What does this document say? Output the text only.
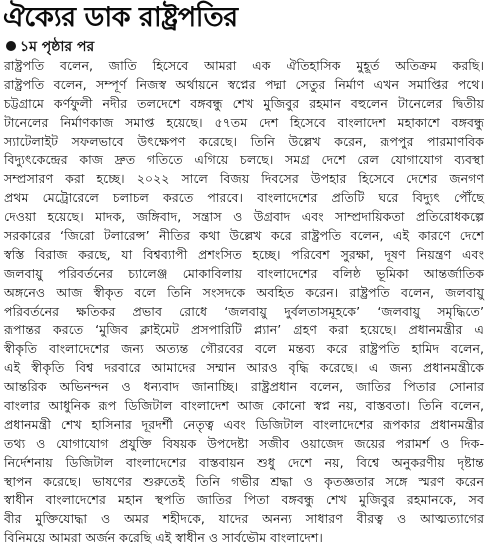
ঐক্যের ডাক রাষ্ট্রপতির
১ম পৃষ্ঠার পর
রাষ্ট্রপতি বলেন, জাতি হিসেবে আমরা এক ঐতিহাসিক মুহূর্ত অতিক্রম করছি।
রাষ্ট্রপতি বলেন, সম্পূর্ণ নিজস্ব অর্থায়নে স্বপ্নের পদ্মা সেতুর নির্মাণ এখন সমাপ্তির পথে।
চট্টগ্রামে কর্ণফুলী নদীর তলদেশে বঙ্গবন্ধু শেখ মুজিবুর রহমান বহুলেন টানেলের দ্বিতীয়
টানেলের নির্মাণকাজ সমাপ্ত হয়েছে। ৫৭তম দেশ হিসেবে বাংলাদেশ মহাকাশে বঙ্গবন্ধু
স্যাটেলাইট সফলভাবে উৎক্ষেপণ করেছে। তিনি উল্লেখ করেন, রূপপুর পারমাণবিক
বিদ্যুৎকেন্দ্রের কাজ দ্রুত গতিতে এগিয়ে চলছে। সমগ্র দেশে রেল যোগাযোগ ব্যবস্থা
সম্প্রসারণ করা হচ্ছে। ২০২২ সালে বিজয় দিবসের উপহার হিসেবে দেশের জনগণ
প্রথম মেট্রোরেলে চলাচল করতে পারবে। বাংলাদেশের প্রতিটি ঘরে বিদ্যুৎ পৌঁছে
দেওয়া হয়েছে। মাদক, জঙ্গিবাদ, সন্ত্রাস ও উগ্রবাদ এবং সাম্প্রদায়িকতা প্রতিরোধকল্পে
সরকারের ‘জিরো টলারেন্স’ নীতির কথা উল্লেখ করে রাষ্ট্রপতি বলেন, এই কারণে দেশে
স্বস্তি বিরাজ করছে, যা বিশ্বব্যাপী প্রশংসিত হচ্ছে। পরিবেশ সুরক্ষা, দূষণ নিয়ন্ত্রণ এবং
জলবায়ু পরিবর্তনের চ্যালেঞ্জ মোকাবিলায় বাংলাদেশের বলিষ্ঠ ভূমিকা আন্তর্জাতিক
অঙ্গনেও আজ স্বীকৃত বলে তিনি সংসদকে অবহিত করেন। রাষ্ট্রপতি বলেন, জলবায়ু
পরিবর্তনের ক্ষতিকর প্রভাব রোধে ‘জলবায়ু দুর্বলতাসমূহকে’ ‘জলবায়ু সমৃদ্ধিতে’
রূপান্তর করতে ‘মুজিব ক্লাইমেট প্রসপারিটি প্ল্যান’ গ্রহণ করা হয়েছে। প্রধানমন্ত্রীর এ
স্বীকৃতি বাংলাদেশের জন্য অত্যন্ত গৌরবের বলে মন্তব্য করে রাষ্ট্রপতি হামিদ বলেন,
এই স্বীকৃতি বিশ্ব দরবারে আমাদের সম্মান আরও বৃদ্ধি করেছে। এ জন্য প্রধানমন্ত্রীকে
আন্তরিক অভিনন্দন ও ধন্যবাদ জানাচ্ছি। রাষ্ট্রপ্রধান বলেন, জাতির পিতার সোনার
বাংলার আধুনিক রূপ ডিজিটাল বাংলাদেশ আজ কোনো স্বপ্ন নয়, বাস্তবতা। তিনি বলেন,
প্রধানমন্ত্রী শেখ হাসিনার দূরদর্শী নেতৃত্ব এবং ডিজিটাল বাংলাদেশের রূপকার প্রধানমন্ত্রীর
তথ্য ও যোগাযোগ প্রযুক্তি বিষয়ক উপদেষ্টা সজীব ওয়াজেদ জয়ের পরামর্শ ও দিক-
নির্দেশনায় ডিজিটাল বাংলাদেশের বাস্তবায়ন শুধু দেশে নয়, বিশ্বে অনুকরণীয় দৃষ্টান্ত
স্থাপন করেছে। ভাষণের শুরুতেই তিনি গভীর শ্রদ্ধা ও কৃতজ্ঞতার সঙ্গে স্মরণ করেন
স্বাধীন বাংলাদেশের মহান স্থপতি জাতির পিতা বঙ্গবন্ধু শেখ মুজিবুর রহমানকে, সব
বীর মুক্তিযোদ্ধা ও অমর শহীদকে, যাদের অনন্য সাধারণ বীরত্ব ও আত্মত্যাগের
বিনিময়ে আমরা অর্জন করেছি এই স্বাধীন ও সার্বভৌম বাংলাদেশ।
